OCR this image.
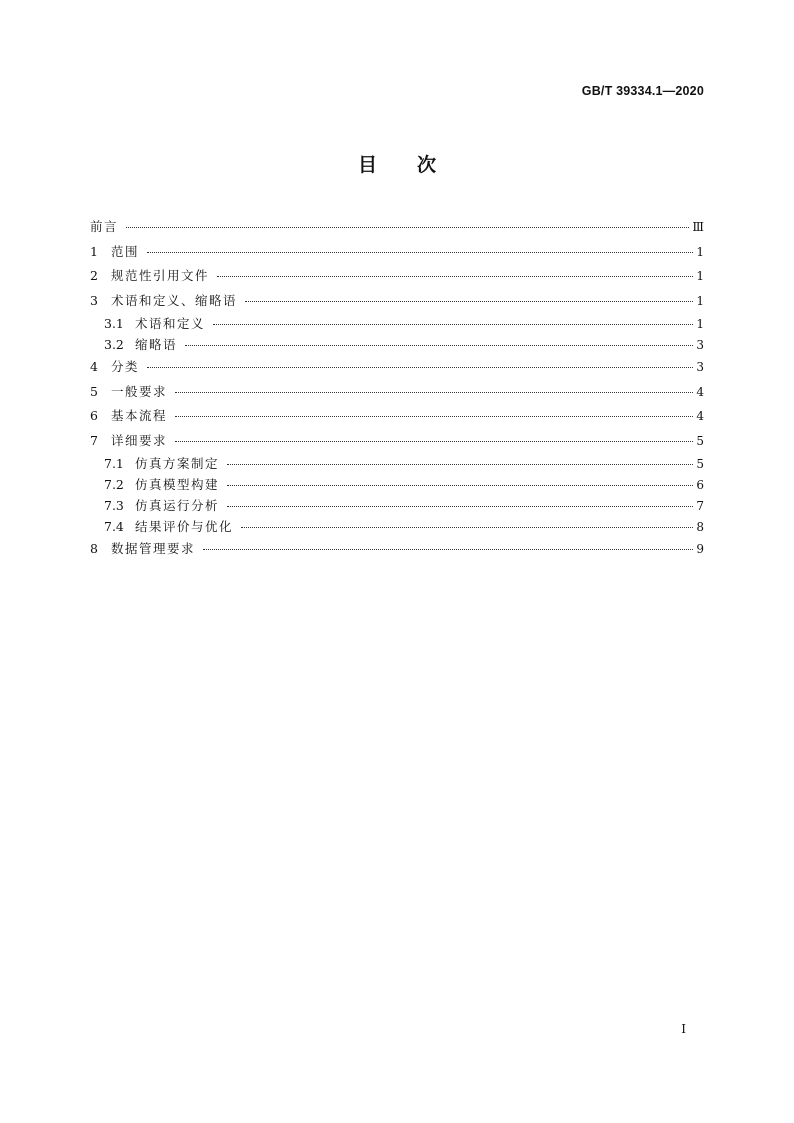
GB/T 39334.1—2020
目次
前言	Ⅲ
1	范围	1
2	规范性引用文件	1
3	术语和定义、缩略语	1
3.1 术语和定义	1
3.2 缩略语	3
4	分类	3
5	一般要求	4
6	基本流程	4
7	详细要求	5
7.1 仿真方案制定	5
7.2 仿真模型构建	6
7.3 仿真运行分析	7
7.4 结果评价与优化	8
8	数据管理要求	9
I
